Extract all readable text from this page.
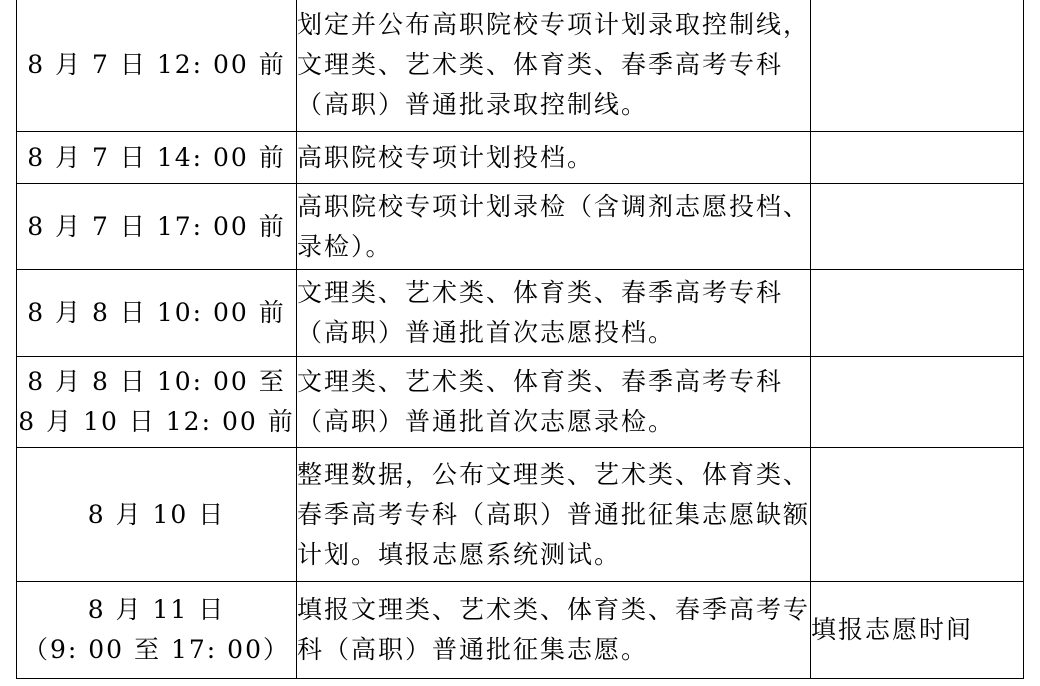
8 月 7 日 12: 00 前	划定并公布高职院校专项计划录取控制线，文理类、艺术类、体育类、春季高考专科（高职）普通批录取控制线。	

8 月 7 日 14: 00 前	高职院校专项计划投档。	

8 月 7 日 17: 00 前	高职院校专项计划录检（含调剂志愿投档、录检）。	

8 月 8 日 10: 00 前	文理类、艺术类、体育类、春季高考专科（高职）普通批首次志愿投档。	

8 月 8 日 10: 00 至
8 月 10 日 12: 00 前	文理类、艺术类、体育类、春季高考专科（高职）普通批首次志愿录检。	

8 月 10 日	整理数据，公布文理类、艺术类、体育类、春季高考专科（高职）普通批征集志愿缺额计划。填报志愿系统测试。	

8 月 11 日
（9: 00 至 17: 00）	填报文理类、艺术类、体育类、春季高考专科（高职）普通批征集志愿。	填报志愿时间
